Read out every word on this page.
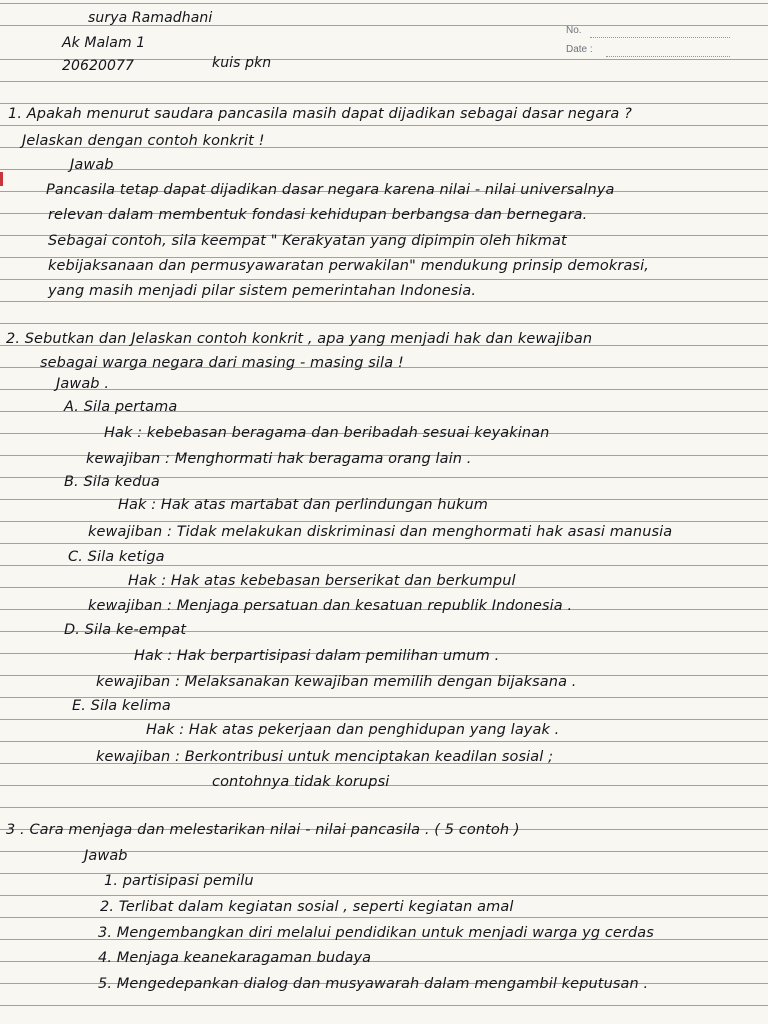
surya Ramadhani
Ak Malam 1
20620077	kuis pkn
No.
Date :
1. Apakah menurut saudara pancasila masih dapat dijadikan sebagai dasar negara ?
Jelaskan dengan contoh konkrit !
Jawab
Pancasila tetap dapat dijadikan dasar negara karena nilai - nilai universalnya
relevan dalam membentuk fondasi kehidupan berbangsa dan bernegara.
Sebagai contoh, sila keempat " Kerakyatan yang dipimpin oleh hikmat
kebijaksanaan dan permusyawaratan perwakilan" mendukung prinsip demokrasi,
yang masih menjadi pilar sistem pemerintahan Indonesia.
2. Sebutkan dan Jelaskan contoh konkrit , apa yang menjadi hak dan kewajiban
sebagai warga negara dari masing - masing sila !
Jawab .
A. Sila pertama
Hak : kebebasan beragama dan beribadah sesuai keyakinan
kewajiban : Menghormati hak beragama orang lain .
B. Sila kedua
Hak : Hak atas martabat dan perlindungan hukum
kewajiban : Tidak melakukan diskriminasi dan menghormati hak asasi manusia
C. Sila ketiga
Hak : Hak atas kebebasan berserikat dan berkumpul
kewajiban : Menjaga persatuan dan kesatuan republik Indonesia .
D. Sila ke-empat
Hak : Hak berpartisipasi dalam pemilihan umum .
kewajiban : Melaksanakan kewajiban memilih dengan bijaksana .
E. Sila kelima
Hak : Hak atas pekerjaan dan penghidupan yang layak .
kewajiban : Berkontribusi untuk menciptakan keadilan sosial ;
contohnya tidak korupsi
3 . Cara menjaga dan melestarikan nilai - nilai pancasila . ( 5 contoh )
Jawab
1. partisipasi pemilu
2. Terlibat dalam kegiatan sosial , seperti kegiatan amal
3. Mengembangkan diri melalui pendidikan untuk menjadi warga yg cerdas
4. Menjaga keanekaragaman budaya
5. Mengedepankan dialog dan musyawarah dalam mengambil keputusan .
